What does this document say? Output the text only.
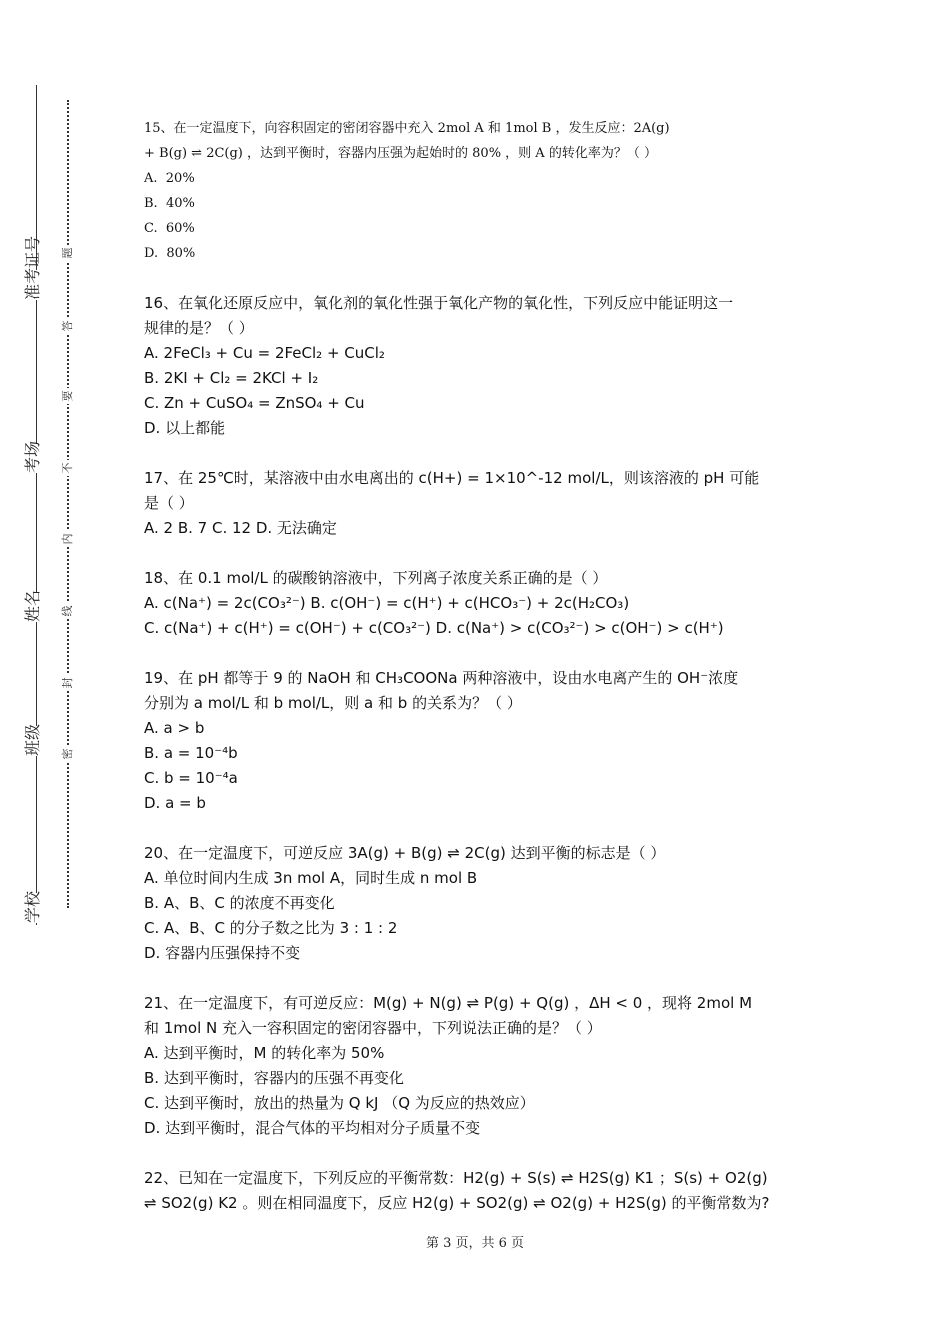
准考证号
考场
姓名
班级
学校
题
答
要
不
内
线
封
密
15、在一定温度下，向容积固定的密闭容器中充入 2mol A 和 1mol B ，发生反应：2A(g)
+ B(g) ⇌ 2C(g) ，达到平衡时，容器内压强为起始时的 80% ，则 A 的转化率为？（ ）
A.  20%
B.  40%
C.  60%
D.  80%
16、在氧化还原反应中，氧化剂的氧化性强于氧化产物的氧化性，下列反应中能证明这一
规律的是？（ ）
A. 2FeCl₃ + Cu = 2FeCl₂ + CuCl₂
B. 2KI + Cl₂ = 2KCl + I₂
C. Zn + CuSO₄ = ZnSO₄ + Cu
D. 以上都能
17、在 25℃时，某溶液中由水电离出的 c(H+) = 1×10^-12 mol/L，则该溶液的 pH 可能
是（ ）
A. 2 B. 7 C. 12 D. 无法确定
18、在 0.1 mol/L 的碳酸钠溶液中，下列离子浓度关系正确的是（ ）
A. c(Na⁺) = 2c(CO₃²⁻) B. c(OH⁻) = c(H⁺) + c(HCO₃⁻) + 2c(H₂CO₃)
C. c(Na⁺) + c(H⁺) = c(OH⁻) + c(CO₃²⁻) D. c(Na⁺) > c(CO₃²⁻) > c(OH⁻) > c(H⁺)
19、在 pH 都等于 9 的 NaOH 和 CH₃COONa 两种溶液中，设由水电离产生的 OH⁻浓度
分别为 a mol/L 和 b mol/L，则 a 和 b 的关系为？（ ）
A. a > b
B. a = 10⁻⁴b
C. b = 10⁻⁴a
D. a = b
20、在一定温度下，可逆反应 3A(g) + B(g) ⇌ 2C(g) 达到平衡的标志是（ ）
A. 单位时间内生成 3n mol A，同时生成 n mol B
B. A、B、C 的浓度不再变化
C. A、B、C 的分子数之比为 3 : 1 : 2
D. 容器内压强保持不变
21、在一定温度下，有可逆反应：M(g) + N(g) ⇌ P(g) + Q(g) ，ΔH < 0 ，现将 2mol M
和 1mol N 充入一容积固定的密闭容器中，下列说法正确的是？（ ）
A. 达到平衡时，M 的转化率为 50%
B. 达到平衡时，容器内的压强不再变化
C. 达到平衡时，放出的热量为 Q kJ （Q 为反应的热效应）
D. 达到平衡时，混合气体的平均相对分子质量不变
22、已知在一定温度下，下列反应的平衡常数：H2(g) + S(s) ⇌ H2S(g) K1 ；S(s) + O2(g)
⇌ SO2(g) K2 。则在相同温度下，反应 H2(g) + SO2(g) ⇌ O2(g) + H2S(g) 的平衡常数为?
第 3 页，共 6 页
